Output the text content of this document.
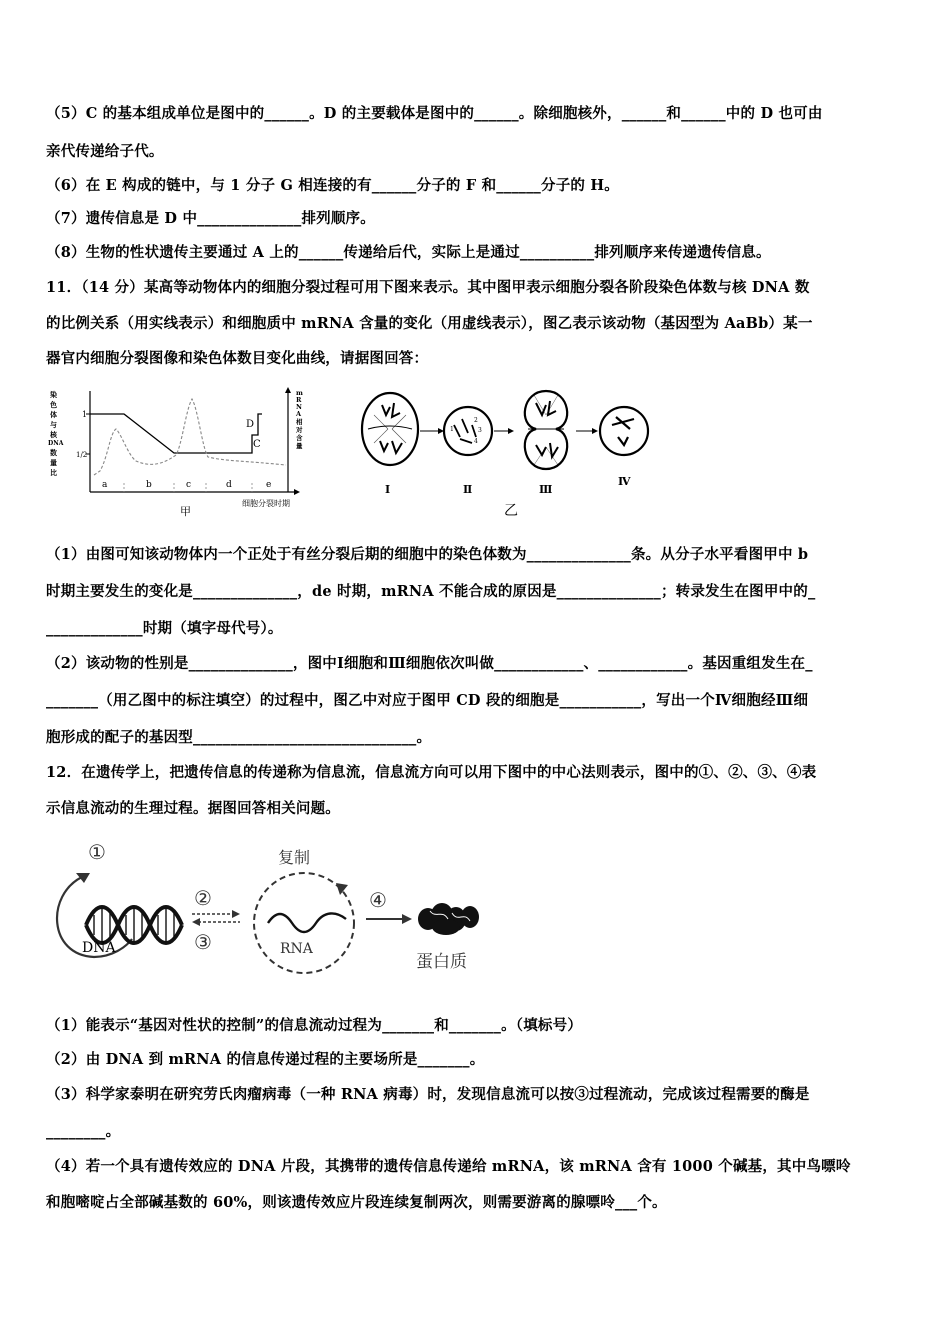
（5）C 的基本组成单位是图中的______。D 的主要载体是图中的______。除细胞核外，______和______中的 D 也可由
亲代传递给子代。
（6）在 E 构成的链中，与 1 分子 G 相连接的有______分子的 F 和______分子的 H。
（7）遗传信息是 D 中______________排列顺序。
（8）生物的性状遗传主要通过 A 上的______传递给后代，实际上是通过__________排列顺序来传递遗传信息。
11．（14 分）某高等动物体内的细胞分裂过程可用下图来表示。其中图甲表示细胞分裂各阶段染色体数与核 DNA 数
的比例关系（用实线表示）和细胞质中 mRNA 含量的变化（用虚线表示），图乙表示该动物（基因型为 AaBb）某一
器官内细胞分裂图像和染色体数目变化曲线，请据图回答：
染
色
体
与
核
DNA
数
量
比
m
R
N
A
相
对
含
量
1
1/2
D
C
a	b	c	d	e
细胞分裂时期
甲
2
3
4
1
Ⅰ	Ⅱ	Ⅲ
Ⅳ
乙
（1）由图可知该动物体内一个正处于有丝分裂后期的细胞中的染色体数为______________条。从分子水平看图甲中 b
时期主要发生的变化是______________，de 时期，mRNA 不能合成的原因是______________；转录发生在图甲中的_
_____________时期（填字母代号）。
（2）该动物的性别是______________，图中Ⅰ细胞和Ⅲ细胞依次叫做____________、____________。基因重组发生在_
_______（用乙图中的标注填空）的过程中，图乙中对应于图甲 CD 段的细胞是___________，写出一个Ⅳ细胞经Ⅲ细
胞形成的配子的基因型______________________________。
12．在遗传学上，把遗传信息的传递称为信息流，信息流方向可以用下图中的中心法则表示，图中的①、②、③、④表
示信息流动的生理过程。据图回答相关问题。
①
②
③
④
DNA
复制
RNA
蛋白质
（1）能表示“基因对性状的控制”的信息流动过程为_______和_______。（填标号）
（2）由 DNA 到 mRNA 的信息传递过程的主要场所是_______。
（3）科学家泰明在研究劳氏肉瘤病毒（一种 RNA 病毒）时，发现信息流可以按③过程流动，完成该过程需要的酶是
________。
（4）若一个具有遗传效应的 DNA 片段，其携带的遗传信息传递给 mRNA，该 mRNA 含有 1000 个碱基，其中鸟嘌呤
和胞嘧啶占全部碱基数的 60%，则该遗传效应片段连续复制两次，则需要游离的腺嘌呤___个。
